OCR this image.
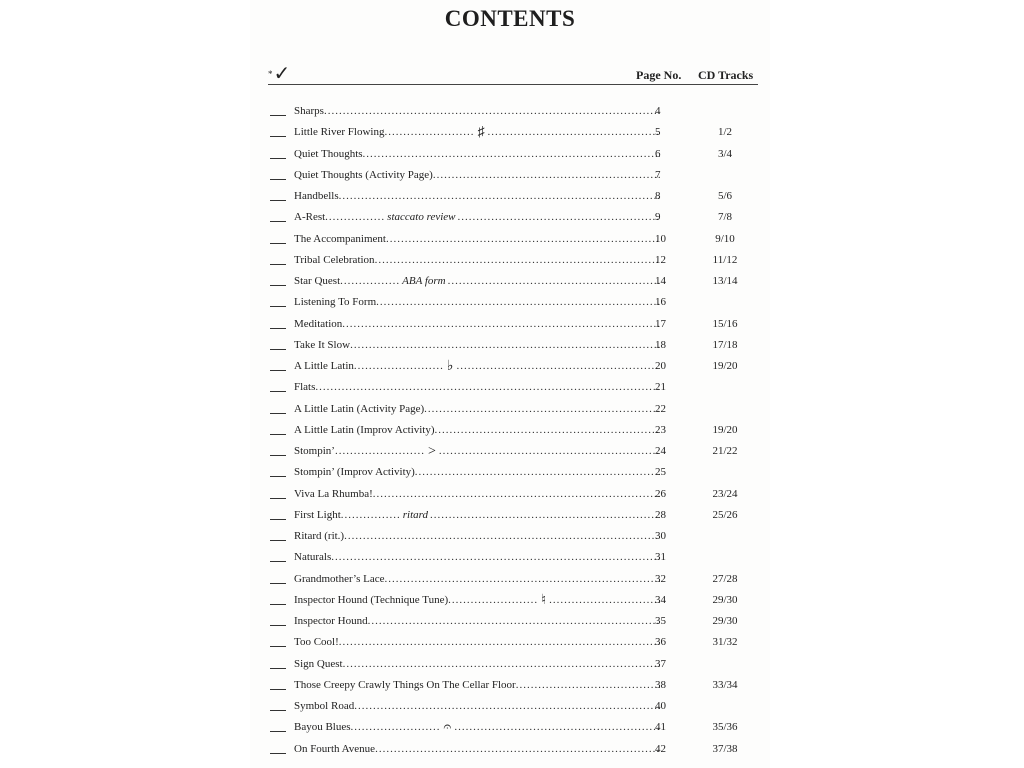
CONTENTS
*✓	Page No. CD Tracks
Sharps .....	4
Little River Flowing .....	♯ .....	5	1/2
Quiet Thoughts .....	6	3/4
Quiet Thoughts (Activity Page) .....	7
Handbells .....	8	5/6
A-Rest .....	staccato review .....	9	7/8
The Accompaniment .....	10	9/10
Tribal Celebration .....	12	11/12
Star Quest .....	ABA form .....	14	13/14
Listening To Form .....	16
Meditation .....	17	15/16
Take It Slow .....	18	17/18
A Little Latin .....	♭ .....	20	19/20
Flats .....	21
A Little Latin (Activity Page) .....	22
A Little Latin (Improv Activity) .....	23	19/20
Stompin’ .....	> .....	24	21/22
Stompin’ (Improv Activity) .....	25
Viva La Rhumba! .....	26	23/24
First Light .....	ritard .....	28	25/26
Ritard (rit.) .....	30
Naturals .....	31
Grandmother’s Lace .....	32	27/28
Inspector Hound (Technique Tune) .....	♮ .....	34	29/30
Inspector Hound .....	35	29/30
Too Cool! .....	36	31/32
Sign Quest .....	37
Those Creepy Crawly Things On The Cellar Floor .....	38	33/34
Symbol Road .....	40
Bayou Blues .....	𝄐 .....	41	35/36
On Fourth Avenue .....	42	37/38
